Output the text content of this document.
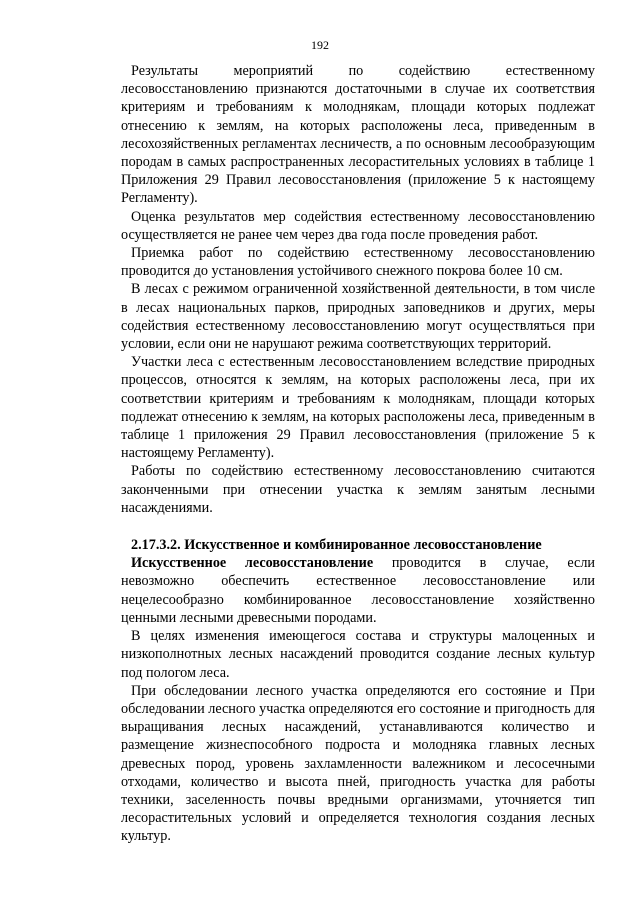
192

Результаты мероприятий по содействию естественному лесовосстановлению признаются достаточными в случае их соответствия критериям и требованиям к молоднякам, площади которых подлежат отнесению к землям, на которых расположены леса, приведенным в лесохозяйственных регламентах лесничеств, а по основным лесообразующим породам в самых распространенных лесорастительных условиях в таблице 1 Приложения 29 Правил лесовосстановления (приложение 5 к настоящему Регламенту).

Оценка результатов мер содействия естественному лесовосстановлению осуществляется не ранее чем через два года после проведения работ.

Приемка работ по содействию естественному лесовосстановлению проводится до установления устойчивого снежного покрова более 10 см.

В лесах с режимом ограниченной хозяйственной деятельности, в том числе в лесах национальных парков, природных заповедников и других, меры содействия естественному лесовосстановлению могут осуществляться при условии, если они не нарушают режима соответствующих территорий.

Участки леса с естественным лесовосстановлением вследствие природных процессов, относятся к землям, на которых расположены леса, при их соответствии критериям и требованиям к молоднякам, площади которых подлежат отнесению к землям, на которых расположены леса, приведенным в таблице 1 приложения 29 Правил лесовосстановления (приложение 5 к настоящему Регламенту).

Работы по содействию естественному лесовосстановлению считаются законченными при отнесении участка к землям занятым лесными насаждениями.

2.17.3.2. Искусственное и комбинированное лесовосстановление

Искусственное лесовосстановление проводится в случае, если невозможно обеспечить естественное лесовосстановление или нецелесообразно комбинированное лесовосстановление хозяйственно ценными лесными древесными породами.

В целях изменения имеющегося состава и структуры малоценных и низкополнотных лесных насаждений проводится создание лесных культур под пологом леса.

При обследовании лесного участка определяются его состояние и При обследовании лесного участка определяются его состояние и пригодность для выращивания лесных насаждений, устанавливаются количество и размещение жизнеспособного подроста и молодняка главных лесных древесных пород, уровень захламленности валежником и лесосечными отходами, количество и высота пней, пригодность участка для работы техники, заселенность почвы вредными организмами, уточняется тип лесорастительных условий и определяется технология создания лесных культур.
